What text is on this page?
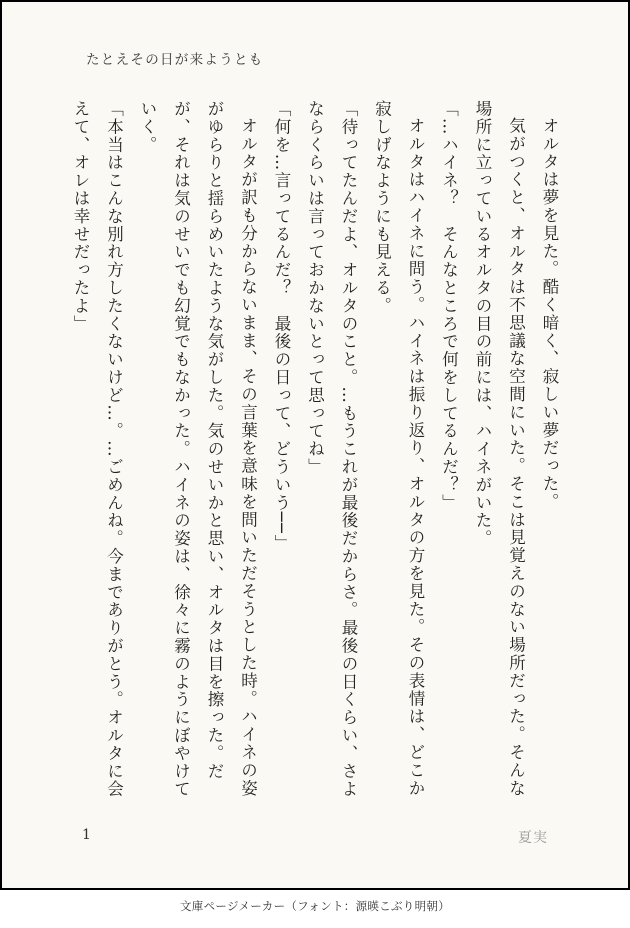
たとえその日が来ようとも

オルタは夢を見た。酷く暗く、寂しい夢だった。

気がつくと、オルタは不思議な空間にいた。そこは見覚えのない場所だった。そんな場所に立っているオルタの目の前には、ハイネがいた。

「…ハイネ？　そんなところで何をしてるんだ？」

オルタはハイネに問う。ハイネは振り返り、オルタの方を見た。その表情は、どこか寂しげなようにも見える。

「待ってたんだよ、オルタのこと。…もうこれが最後だからさ。最後の日くらい、さよならくらいは言っておかないとって思ってね」

「何を…言ってるんだ？　最後の日って、どういう──」

オルタが訳も分からないまま、その言葉を意味を問いただそうとした時。ハイネの姿がゆらりと揺らめいたような気がした。気のせいかと思い、オルタは目を擦った。だが、それは気のせいでも幻覚でもなかった。ハイネの姿は、徐々に霧のようにぼやけていく。

「本当はこんな別れ方したくないけど…。…ごめんね。今までありがとう。オルタに会えて、オレは幸せだったよ」

1	夏実
文庫ページメーカー（フォント：源暎こぶり明朝）
